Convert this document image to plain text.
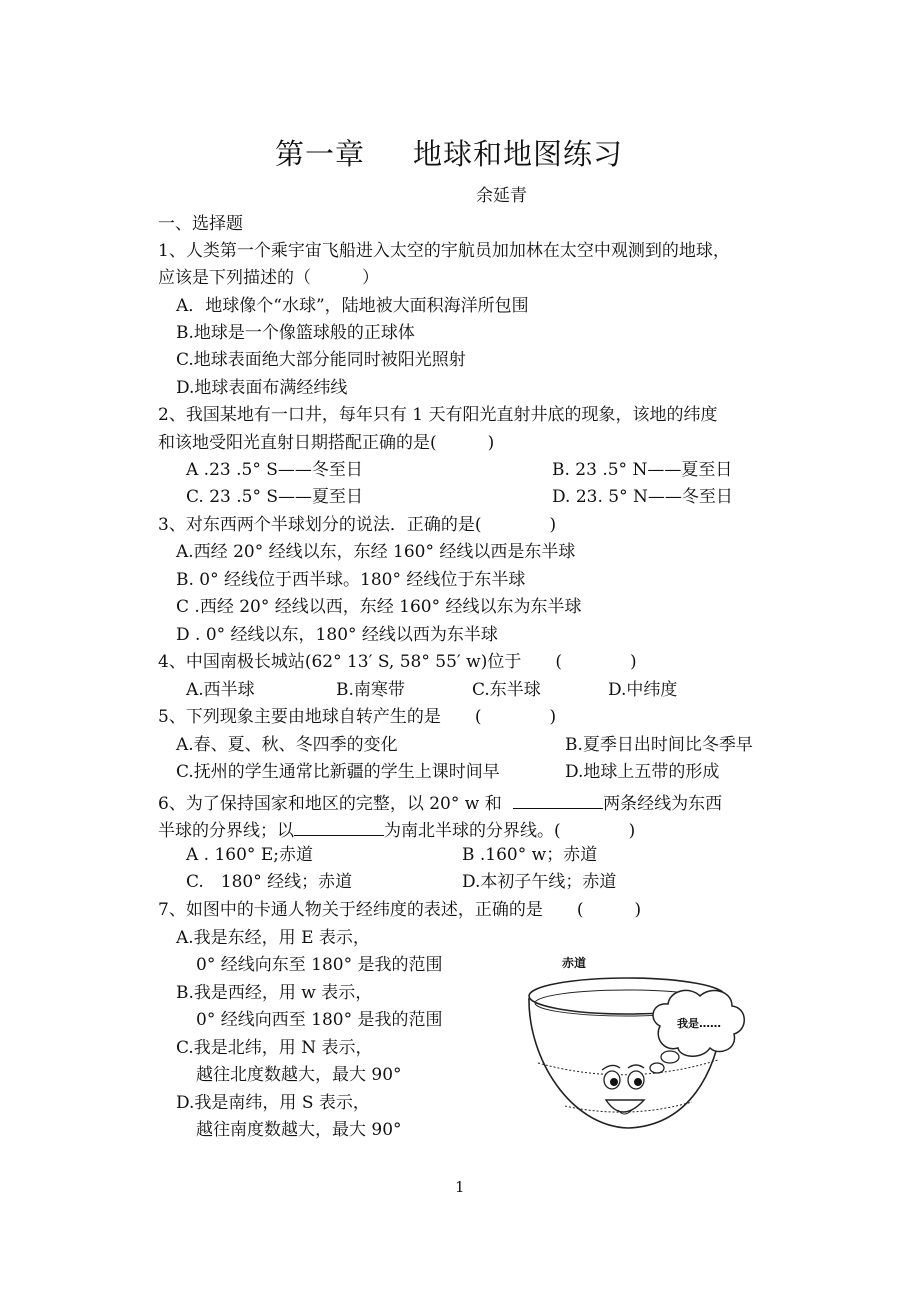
第一章 地球和地图练习
余延青
一、选择题
1、人类第一个乘宇宙飞船进入太空的宇航员加加林在太空中观测到的地球，
应该是下列描述的（　　　）
A．地球像个“水球”，陆地被大面积海洋所包围
B.地球是一个像篮球般的正球体
C.地球表面绝大部分能同时被阳光照射
D.地球表面布满经纬线
2、我国某地有一口井，每年只有 1 天有阳光直射井底的现象，该地的纬度
和该地受阳光直射日期搭配正确的是(　　　)
A .23 .5° S——冬至日	B. 23 .5° N——夏至日
C. 23 .5° S——夏至日	D. 23. 5° N——冬至日
3、对东西两个半球划分的说法．正确的是(　　　　)
A.西经 20° 经线以东，东经 160° 经线以西是东半球
B. 0° 经线位于西半球。180° 经线位于东半球
C .西经 20° 经线以西，东经 160° 经线以东为东半球
D . 0° 经线以东，180° 经线以西为东半球
4、中国南极长城站(62° 13′ S, 58° 55′ w)位于　　(　　　　)
A.西半球	B.南寒带	C.东半球	D.中纬度
5、下列现象主要由地球自转产生的是　　(　　　　)
A.春、夏、秋、冬四季的变化	B.夏季日出时间比冬季早
C.抚州的学生通常比新疆的学生上课时间早	D.地球上五带的形成
6、为了保持国家和地区的完整，以 20° w 和	两条经线为东西
半球的分界线；以	为南北半球的分界线。(　　　　)
A . 160° E;赤道	B .160° w；赤道
C.　180° 经线；赤道	D.本初子午线；赤道
7、如图中的卡通人物关于经纬度的表述，正确的是　　(　　　)
A.我是东经，用 E 表示，
0° 经线向东至 180° 是我的范围
B.我是西经，用 w 表示，
0° 经线向西至 180° 是我的范围
C.我是北纬，用 N 表示，
越往北度数越大，最大 90°
D.我是南纬，用 S 表示，
越往南度数越大，最大 90°
赤道
我是……
1
